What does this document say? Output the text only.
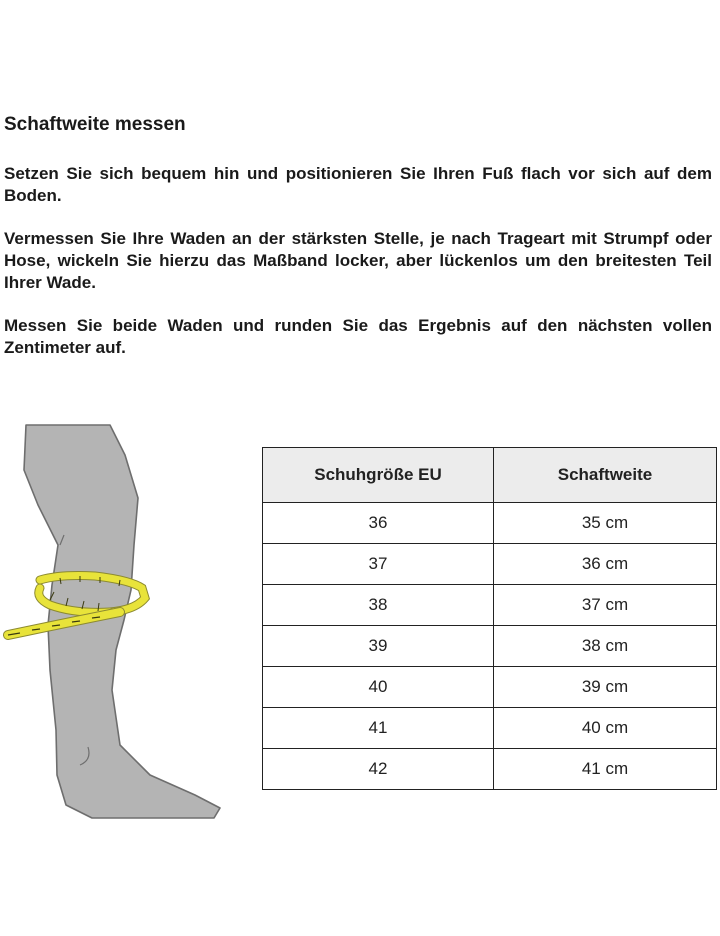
Schaftweite messen
Setzen Sie sich bequem hin und positionieren Sie Ihren Fuß flach vor sich auf dem Boden.
Vermessen Sie Ihre Waden an der stärksten Stelle, je nach Trageart mit Strumpf oder Hose, wickeln Sie hierzu das Maßband locker, aber lückenlos um den breitesten Teil Ihrer Wade.
Messen Sie beide Waden und runden Sie das Ergebnis auf den nächsten vollen Zentimeter auf.
Schuhgröße EU	Schaftweite
36	35 cm
37	36 cm
38	37 cm
39	38 cm
40	39 cm
41	40 cm
42	41 cm
